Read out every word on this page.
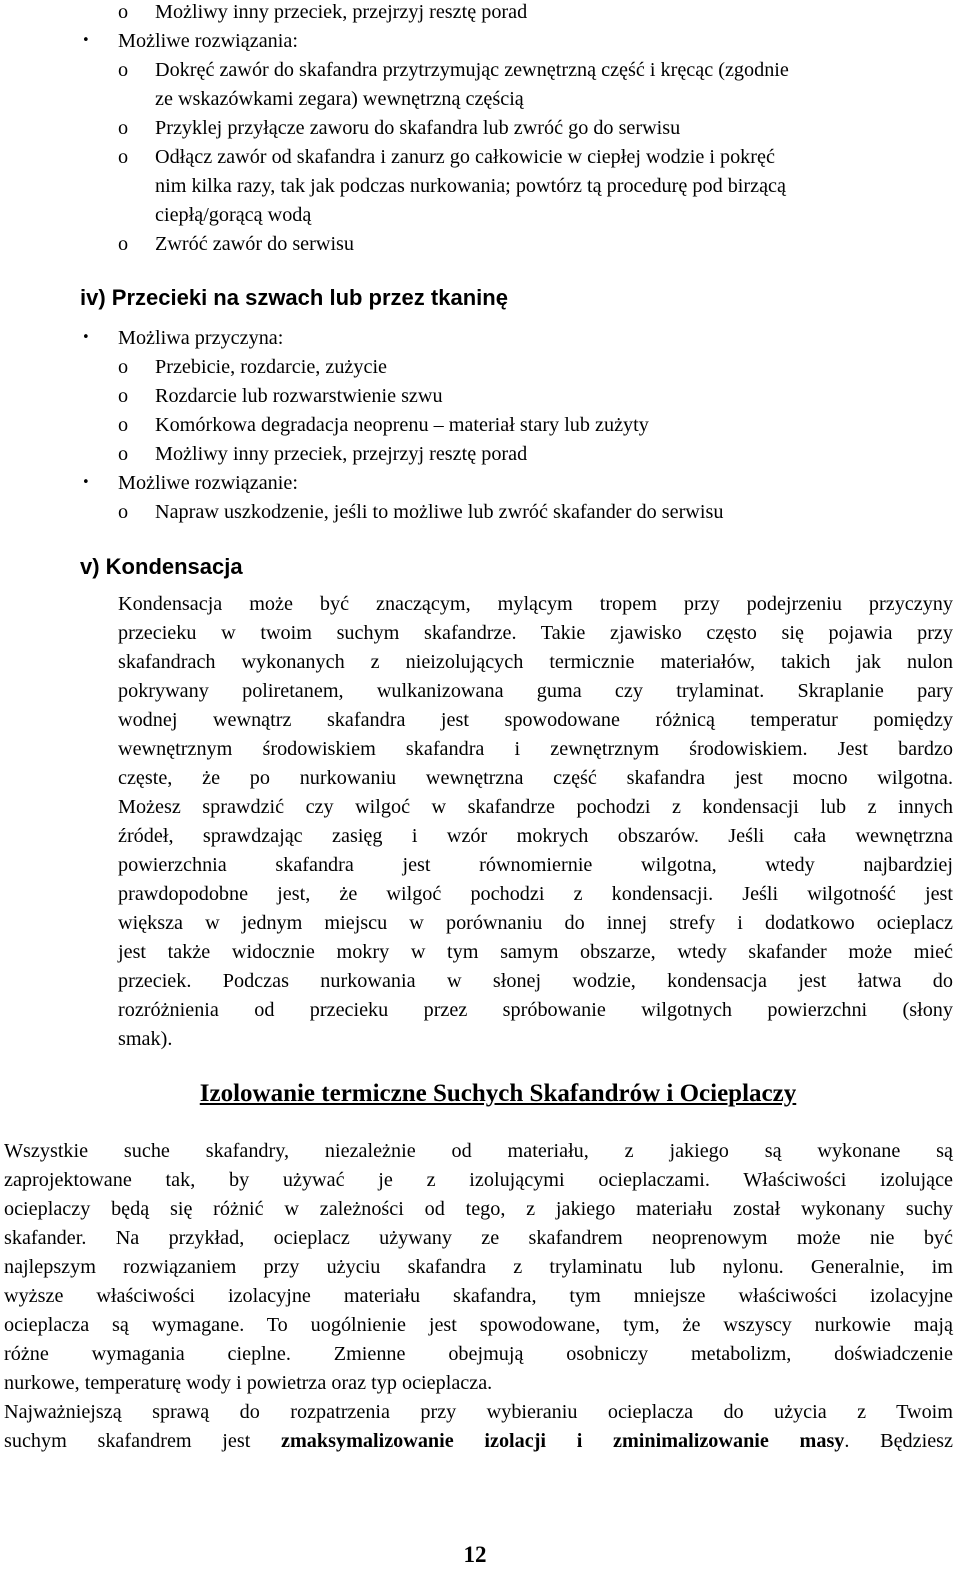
o Możliwy inny przeciek, przejrzyj resztę porad
• Możliwe rozwiązania:
o Dokręć zawór do skafandra przytrzymując zewnętrzną część i kręcąc (zgodnie
ze wskazówkami zegara) wewnętrzną częścią
o Przyklej przyłącze zaworu do skafandra lub zwróć go do serwisu
o Odłącz zawór od skafandra i zanurz go całkowicie w ciepłej wodzie i pokręć
nim kilka razy, tak jak podczas nurkowania; powtórz tą procedurę pod birzącą
ciepłą/gorącą wodą
o Zwróć zawór do serwisu
iv) Przecieki na szwach lub przez tkaninę
• Możliwa przyczyna:
o Przebicie, rozdarcie, zużycie
o Rozdarcie lub rozwarstwienie szwu
o Komórkowa degradacja neoprenu – materiał stary lub zużyty
o Możliwy inny przeciek, przejrzyj resztę porad
• Możliwe rozwiązanie:
o Napraw uszkodzenie, jeśli to możliwe lub zwróć skafander do serwisu
v) Kondensacja
Kondensacja może być znaczącym, mylącym tropem przy podejrzeniu przyczyny
przecieku w twoim suchym skafandrze. Takie zjawisko często się pojawia przy
skafandrach wykonanych z nieizolujących termicznie materiałów, takich jak nulon
pokrywany poliretanem, wulkanizowana guma czy trylaminat. Skraplanie pary
wodnej wewnątrz skafandra jest spowodowane różnicą temperatur pomiędzy
wewnętrznym środowiskiem skafandra i zewnętrznym środowiskiem. Jest bardzo
częste, że po nurkowaniu wewnętrzna część skafandra jest mocno wilgotna.
Możesz sprawdzić czy wilgoć w skafandrze pochodzi z kondensacji lub z innych
źródeł, sprawdzając zasięg i wzór mokrych obszarów. Jeśli cała wewnętrzna
powierzchnia skafandra jest równomiernie wilgotna, wtedy najbardziej
prawdopodobne jest, że wilgoć pochodzi z kondensacji. Jeśli wilgotność jest
większa w jednym miejscu w porównaniu do innej strefy i dodatkowo ocieplacz
jest także widocznie mokry w tym samym obszarze, wtedy skafander może mieć
przeciek. Podczas nurkowania w słonej wodzie, kondensacja jest łatwa do
rozróżnienia od przecieku przez spróbowanie wilgotnych powierzchni (słony
smak).
Izolowanie termiczne Suchych Skafandrów i Ocieplaczy
Wszystkie suche skafandry, niezależnie od materiału, z jakiego są wykonane są
zaprojektowane tak, by używać je z izolującymi ocieplaczami. Właściwości izolujące
ocieplaczy będą się różnić w zależności od tego, z jakiego materiału został wykonany suchy
skafander. Na przykład, ocieplacz używany ze skafandrem neoprenowym może nie być
najlepszym rozwiązaniem przy użyciu skafandra z trylaminatu lub nylonu. Generalnie, im
wyższe właściwości izolacyjne materiału skafandra, tym mniejsze właściwości izolacyjne
ocieplacza są wymagane. To uogólnienie jest spowodowane, tym, że wszyscy nurkowie mają
różne wymagania cieplne. Zmienne obejmują osobniczy metabolizm, doświadczenie
nurkowe, temperaturę wody i powietrza oraz typ ocieplacza.
Najważniejszą sprawą do rozpatrzenia przy wybieraniu ocieplacza do użycia z Twoim
suchym skafandrem jest zmaksymalizowanie izolacji i zminimalizowanie masy. Będziesz
12
